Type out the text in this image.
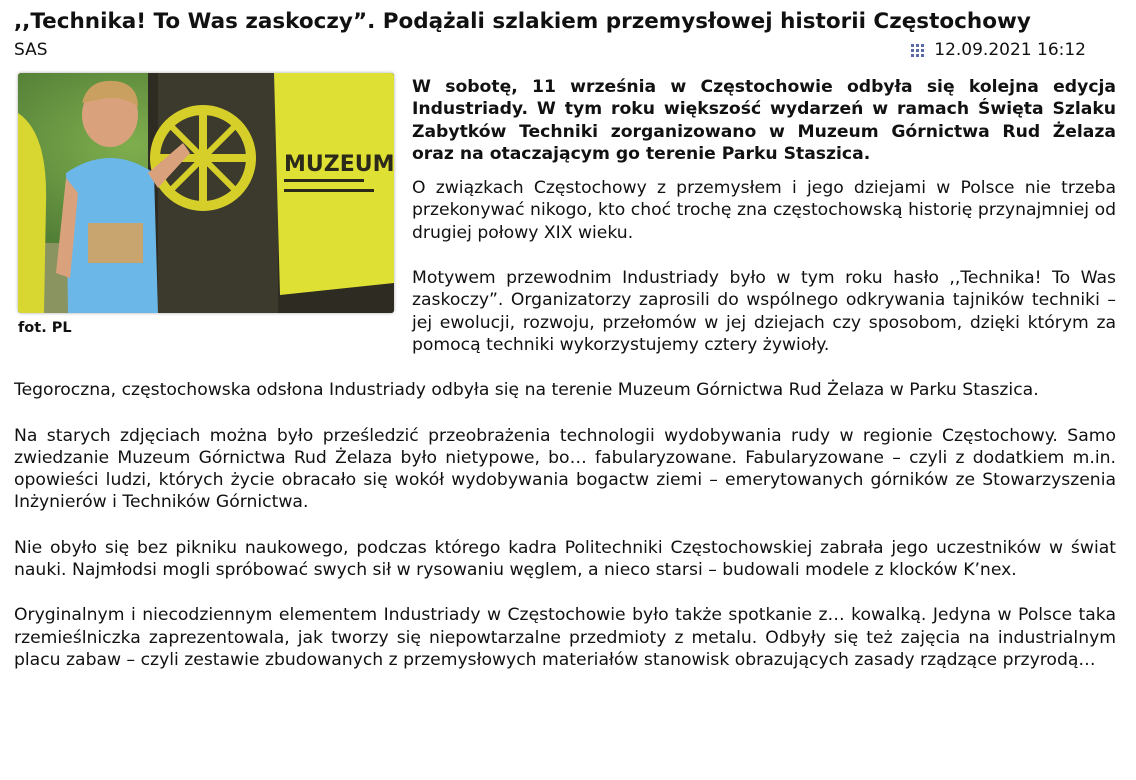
,,Technika! To Was zaskoczy”. Podążali szlakiem przemysłowej historii Częstochowy
SAS	12.09.2021 16:12
MUZEUM
fot. PL

W sobotę, 11 września w Częstochowie odbyła się kolejna edycja Industriady. W tym roku większość wydarzeń w ramach Święta Szlaku Zabytków Techniki zorganizowano w Muzeum Górnictwa Rud Żelaza oraz na otaczającym go terenie Parku Staszica.

O związkach Częstochowy z przemysłem i jego dziejami w Polsce nie trzeba przekonywać nikogo, kto choć trochę zna częstochowską historię przynajmniej od drugiej połowy XIX wieku.

Motywem przewodnim Industriady było w tym roku hasło ,,Technika! To Was zaskoczy”. Organizatorzy zaprosili do wspólnego odkrywania tajników techniki – jej ewolucji, rozwoju, przełomów w jej dziejach czy sposobom, dzięki którym za pomocą techniki wykorzystujemy cztery żywioły.

Tegoroczna, częstochowska odsłona Industriady odbyła się na terenie Muzeum Górnictwa Rud Żelaza w Parku Staszica.

Na starych zdjęciach można było prześledzić przeobrażenia technologii wydobywania rudy w regionie Częstochowy. Samo zwiedzanie Muzeum Górnictwa Rud Żelaza było nietypowe, bo… fabularyzowane. Fabularyzowane – czyli z dodatkiem m.in. opowieści ludzi, których życie obracało się wokół wydobywania bogactw ziemi – emerytowanych górników ze Stowarzyszenia Inżynierów i Techników Górnictwa.

Nie obyło się bez pikniku naukowego, podczas którego kadra Politechniki Częstochowskiej zabrała jego uczestników w świat nauki. Najmłodsi mogli spróbować swych sił w rysowaniu węglem, a nieco starsi – budowali modele z klocków K’nex.

Oryginalnym i niecodziennym elementem Industriady w Częstochowie było także spotkanie z… kowalką. Jedyna w Polsce taka rzemieślniczka zaprezentowala, jak tworzy się niepowtarzalne przedmioty z metalu. Odbyły się też zajęcia na industrialnym placu zabaw – czyli zestawie zbudowanych z przemysłowych materiałów stanowisk obrazujących zasady rządzące przyrodą…
